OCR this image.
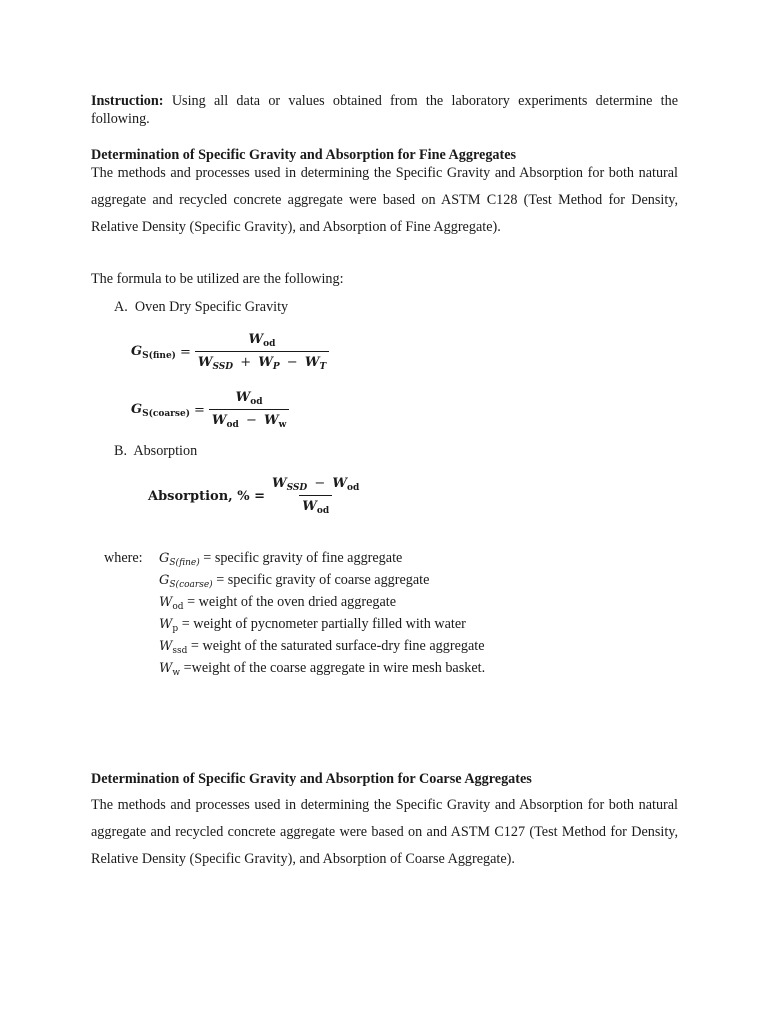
Instruction: Using all data or values obtained from the laboratory experiments determine the following.
Determination of Specific Gravity and Absorption for Fine Aggregates
The methods and processes used in determining the Specific Gravity and Absorption for both natural aggregate and recycled concrete aggregate were based on ASTM C128 (Test Method for Density, Relative Density (Specific Gravity), and Absorption of Fine Aggregate).
The formula to be utilized are the following:
A. Oven Dry Specific Gravity
$G_{S(fine)} = \frac{W_{od}}{W_{SSD} + W_P - W_T}$
$G_{S(coarse)} = \frac{W_{od}}{W_{od} - W_w}$
B. Absorption
Absorption, % = $\frac{W_{SSD} - W_{od}}{W_{od}}$
where: $G_{S(fine)}$ = specific gravity of fine aggregate
$G_{S(coarse)}$ = specific gravity of coarse aggregate
$W_{od}$ = weight of the oven dried aggregate
$W_p$ = weight of pycnometer partially filled with water
$W_{ssd}$ = weight of the saturated surface-dry fine aggregate
$W_w$ =weight of the coarse aggregate in wire mesh basket.
Determination of Specific Gravity and Absorption for Coarse Aggregates
The methods and processes used in determining the Specific Gravity and Absorption for both natural aggregate and recycled concrete aggregate were based on and ASTM C127 (Test Method for Density, Relative Density (Specific Gravity), and Absorption of Coarse Aggregate).
